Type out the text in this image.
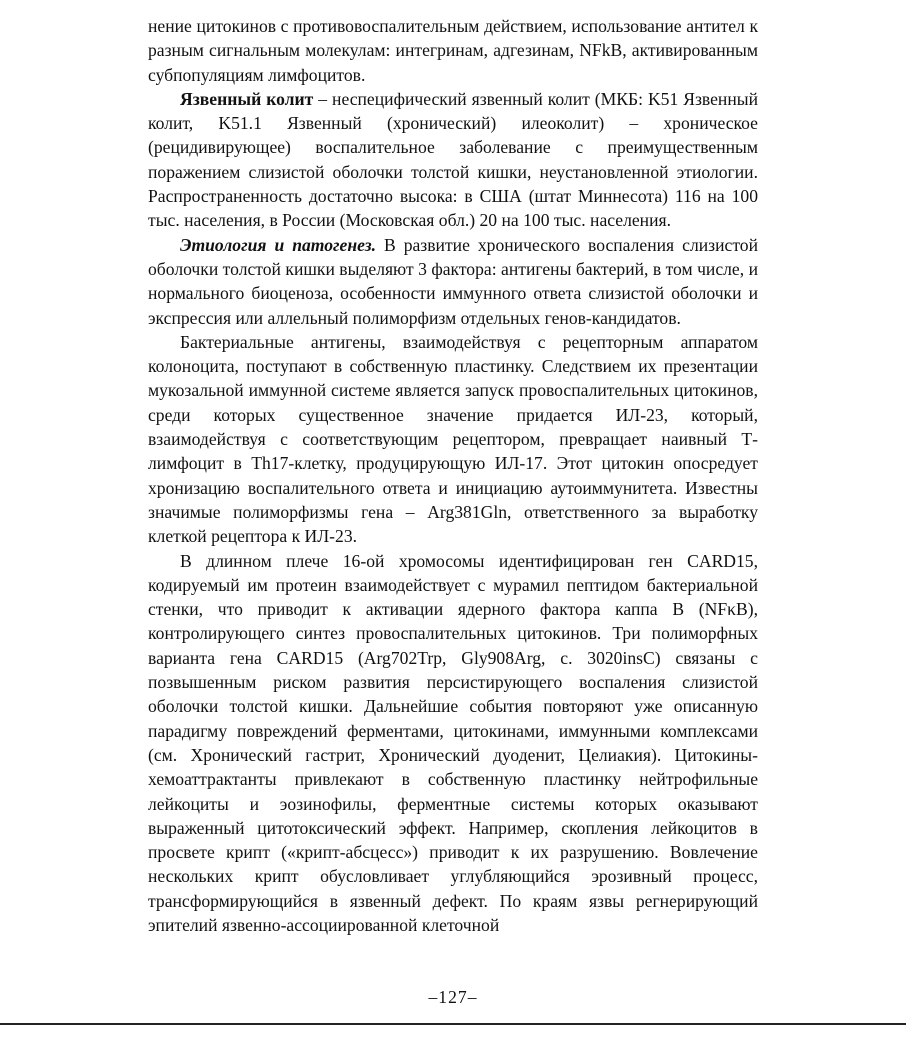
нение цитокинов с противовоспалительным действием, использование антител к разным сигнальным молекулам: интегринам, адгезинам, NFkB, активированным субпопуляциям лимфоцитов.

Язвенный колит – неспецифический язвенный колит (МКБ: K51 Язвенный колит, K51.1 Язвенный (хронический) илеоколит) – хроническое (рецидивирующее) воспалительное заболевание с преимущественным поражением слизистой оболочки толстой кишки, неустановленной этиологии. Распространенность достаточно высока: в США (штат Миннесота) 116 на 100 тыс. населения, в России (Московская обл.) 20 на 100 тыс. населения.

Этиология и патогенез. В развитие хронического воспаления слизистой оболочки толстой кишки выделяют 3 фактора: антигены бактерий, в том числе, и нормального биоценоза, особенности иммунного ответа слизистой оболочки и экспрессия или аллельный полиморфизм отдельных генов-кандидатов.

Бактериальные антигены, взаимодействуя с рецепторным аппаратом колоноцита, поступают в собственную пластинку. Следствием их презентации мукозальной иммунной системе является запуск провоспалительных цитокинов, среди которых существенное значение придается ИЛ-23, который, взаимодействуя с соответствующим рецептором, превращает наивный Т-лимфоцит в Th17-клетку, продуцирующую ИЛ-17. Этот цитокин опосредует хронизацию воспалительного ответа и инициацию аутоиммунитета. Известны значимые полиморфизмы гена – Arg381Gln, ответственного за выработку клеткой рецептора к ИЛ-23.

В длинном плече 16-ой хромосомы идентифицирован ген CARD15, кодируемый им протеин взаимодействует с мурамил пептидом бактериальной стенки, что приводит к активации ядерного фактора каппа В (NFκB), контролирующего синтез провоспалительных цитокинов. Три полиморфных варианта гена CARD15 (Arg702Trp, Gly908Arg, c. 3020insC) связаны с позвышенным риском развития персистирующего воспаления слизистой оболочки толстой кишки. Дальнейшие события повторяют уже описанную парадигму повреждений ферментами, цитокинами, иммунными комплексами (см. Хронический гастрит, Хронический дуоденит, Целиакия). Цитокины-хемоаттрактанты привлекают в собственную пластинку нейтрофильные лейкоциты и эозинофилы, ферментные системы которых оказывают выраженный цитотоксический эффект. Например, скопления лейкоцитов в просвете крипт («крипт-абсцесс») приводит к их разрушению. Вовлечение нескольких крипт обусловливает углубляющийся эрозивный процесс, трансформирующийся в язвенный дефект. По краям язвы регнерирующий эпителий язвенно-ассоциированной клеточной

–127–
